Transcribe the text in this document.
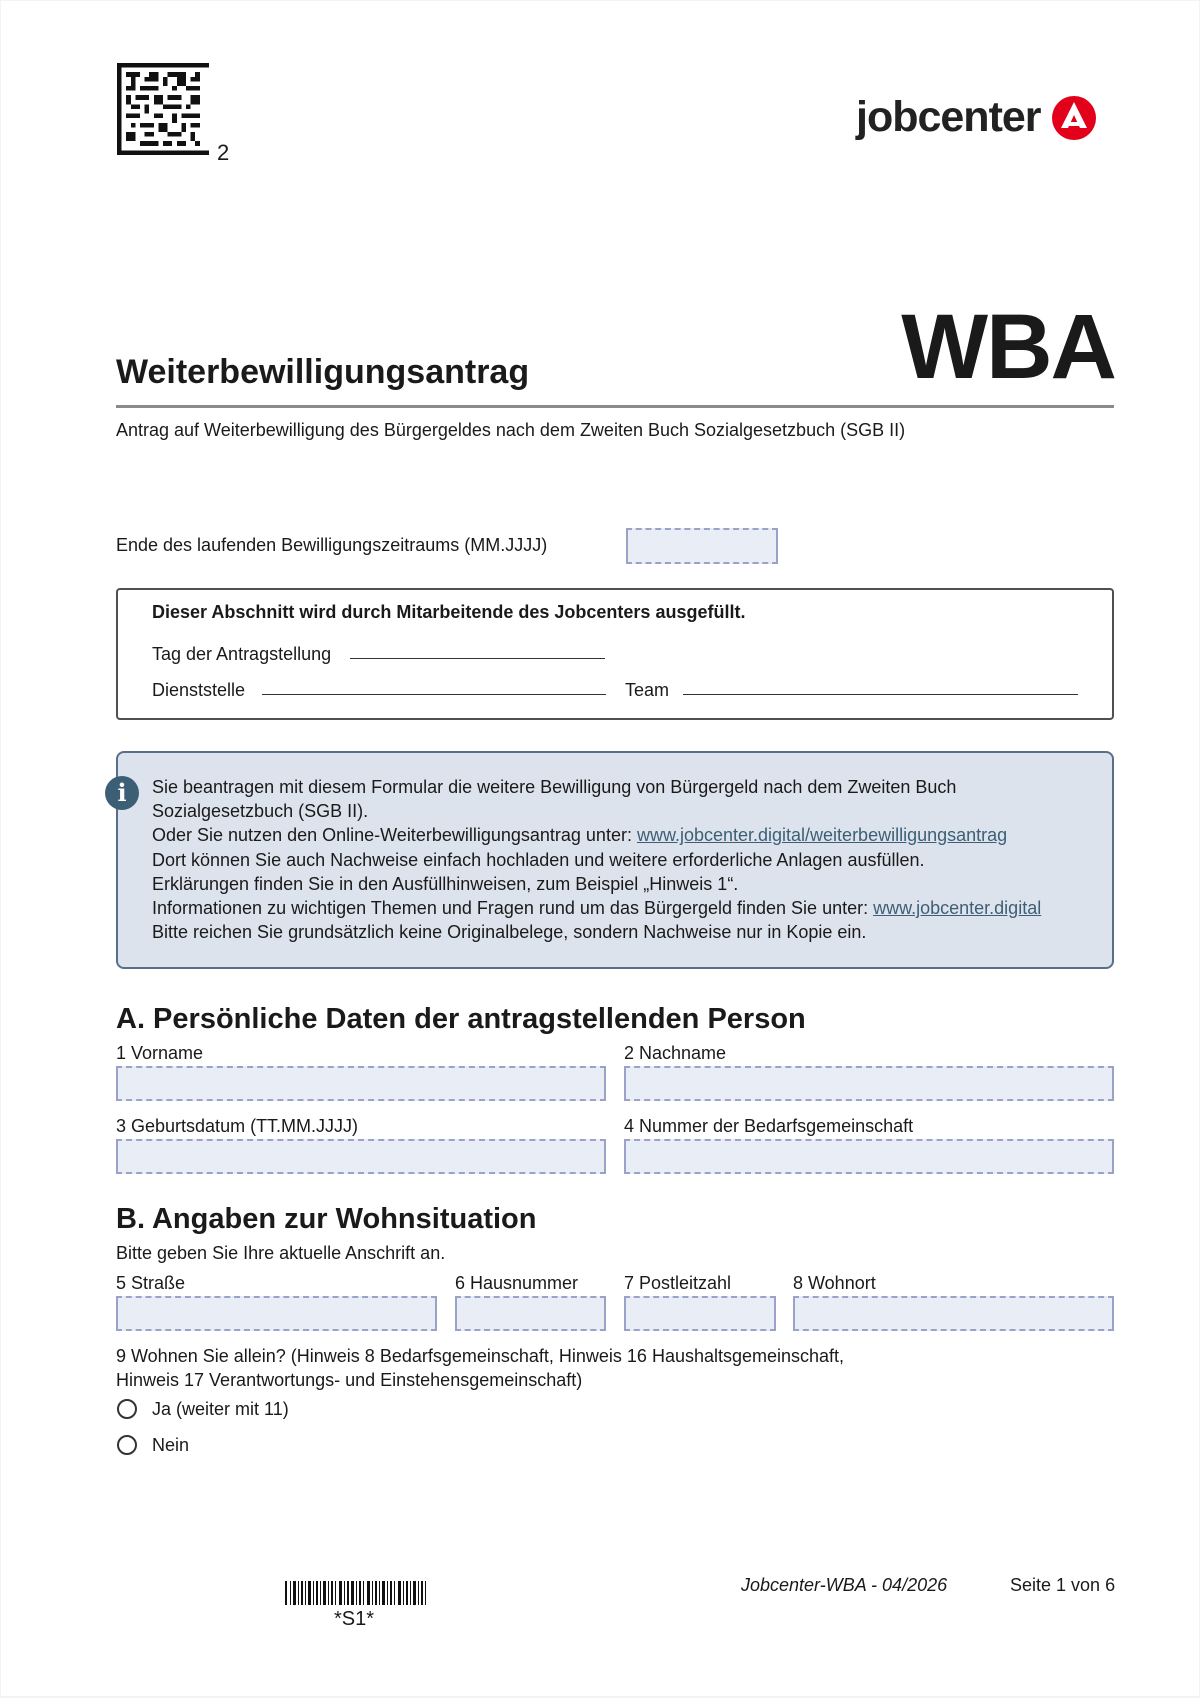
2
jobcenter
WBA
Weiterbewilligungsantrag
Antrag auf Weiterbewilligung des Bürgergeldes nach dem Zweiten Buch Sozialgesetzbuch (SGB II)
Ende des laufenden Bewilligungszeitraums (MM.JJJJ)
Dieser Abschnitt wird durch Mitarbeitende des Jobcenters ausgefüllt.
Tag der Antragstellung
Dienststelle	Team
i	Sie beantragen mit diesem Formular die weitere Bewilligung von Bürgergeld nach dem Zweiten Buch
Sozialgesetzbuch (SGB II).
Oder Sie nutzen den Online-Weiterbewilligungsantrag unter: www.jobcenter.digital/weiterbewilligungsantrag
Dort können Sie auch Nachweise einfach hochladen und weitere erforderliche Anlagen ausfüllen.
Erklärungen finden Sie in den Ausfüllhinweisen, zum Beispiel „Hinweis 1“.
Informationen zu wichtigen Themen und Fragen rund um das Bürgergeld finden Sie unter: www.jobcenter.digital
Bitte reichen Sie grundsätzlich keine Originalbelege, sondern Nachweise nur in Kopie ein.
A. Persönliche Daten der antragstellenden Person
1 Vorname	2 Nachname
3 Geburtsdatum (TT.MM.JJJJ)	4 Nummer der Bedarfsgemeinschaft
B. Angaben zur Wohnsituation
Bitte geben Sie Ihre aktuelle Anschrift an.
5 Straße	6 Hausnummer	7 Postleitzahl	8 Wohnort
9 Wohnen Sie allein? (Hinweis 8 Bedarfsgemeinschaft, Hinweis 16 Haushaltsgemeinschaft,
Hinweis 17 Verantwortungs- und Einstehensgemeinschaft)
Ja (weiter mit 11)
Nein
*S1*
Jobcenter-WBA - 04/2026	Seite 1 von 6
